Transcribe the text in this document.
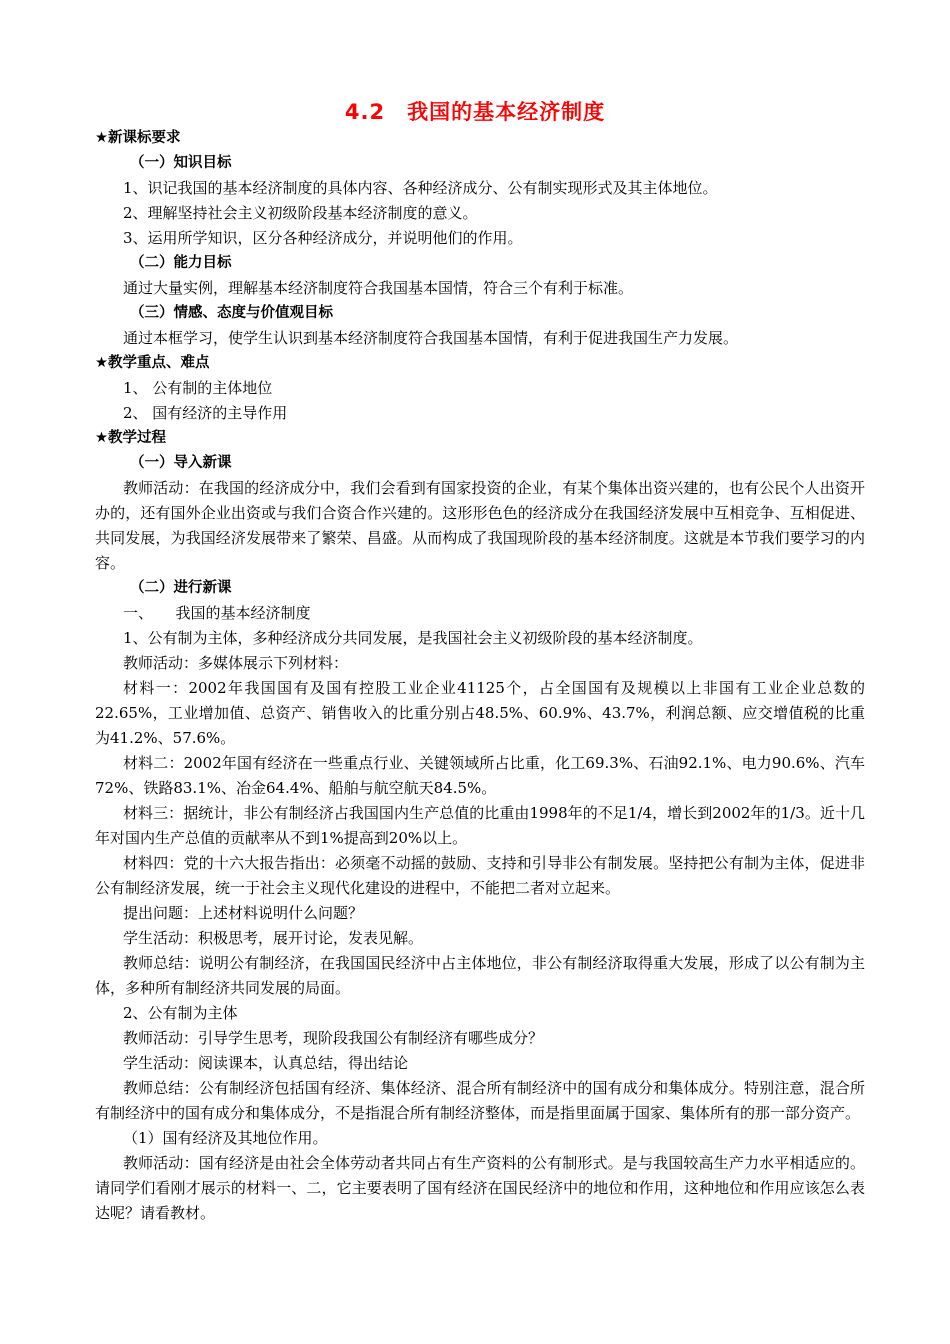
4.2　我国的基本经济制度
★新课标要求
（一）知识目标
1、识记我国的基本经济制度的具体内容、各种经济成分、公有制实现形式及其主体地位。
2、理解坚持社会主义初级阶段基本经济制度的意义。
3、运用所学知识，区分各种经济成分，并说明他们的作用。
（二）能力目标
通过大量实例，理解基本经济制度符合我国基本国情，符合三个有利于标准。
（三）情感、态度与价值观目标
通过本框学习，使学生认识到基本经济制度符合我国基本国情，有利于促进我国生产力发展。
★教学重点、难点
1、 公有制的主体地位
2、 国有经济的主导作用
★教学过程
（一）导入新课
教师活动：在我国的经济成分中，我们会看到有国家投资的企业，有某个集体出资兴建的，也有公民个人出资开办的，还有国外企业出资或与我们合资合作兴建的。这形形色色的经济成分在我国经济发展中互相竞争、互相促进、共同发展，为我国经济发展带来了繁荣、昌盛。从而构成了我国现阶段的基本经济制度。这就是本节我们要学习的内容。
（二）进行新课
一、　　我国的基本经济制度
1、公有制为主体，多种经济成分共同发展，是我国社会主义初级阶段的基本经济制度。
教师活动：多媒体展示下列材料：
材料一：2002年我国国有及国有控股工业企业41125个，占全国国有及规模以上非国有工业企业总数的22.65%，工业增加值、总资产、销售收入的比重分别占48.5%、60.9%、43.7%，利润总额、应交增值税的比重为41.2%、57.6%。
材料二：2002年国有经济在一些重点行业、关键领域所占比重，化工69.3%、石油92.1%、电力90.6%、汽车72%、铁路83.1%、冶金64.4%、船舶与航空航天84.5%。
材料三：据统计，非公有制经济占我国国内生产总值的比重由1998年的不足1/4，增长到2002年的1/3。近十几年对国内生产总值的贡献率从不到1%提高到20%以上。
材料四：党的十六大报告指出：必须毫不动摇的鼓励、支持和引导非公有制发展。坚持把公有制为主体，促进非公有制经济发展，统一于社会主义现代化建设的进程中，不能把二者对立起来。
提出问题：上述材料说明什么问题？
学生活动：积极思考，展开讨论，发表见解。
教师总结：说明公有制经济，在我国国民经济中占主体地位，非公有制经济取得重大发展，形成了以公有制为主体，多种所有制经济共同发展的局面。
2、公有制为主体
教师活动：引导学生思考，现阶段我国公有制经济有哪些成分？
学生活动：阅读课本，认真总结，得出结论
教师总结：公有制经济包括国有经济、集体经济、混合所有制经济中的国有成分和集体成分。特别注意，混合所有制经济中的国有成分和集体成分，不是指混合所有制经济整体，而是指里面属于国家、集体所有的那一部分资产。
（1）国有经济及其地位作用。
教师活动：国有经济是由社会全体劳动者共同占有生产资料的公有制形式。是与我国较高生产力水平相适应的。请同学们看刚才展示的材料一、二，它主要表明了国有经济在国民经济中的地位和作用，这种地位和作用应该怎么表达呢？请看教材。
